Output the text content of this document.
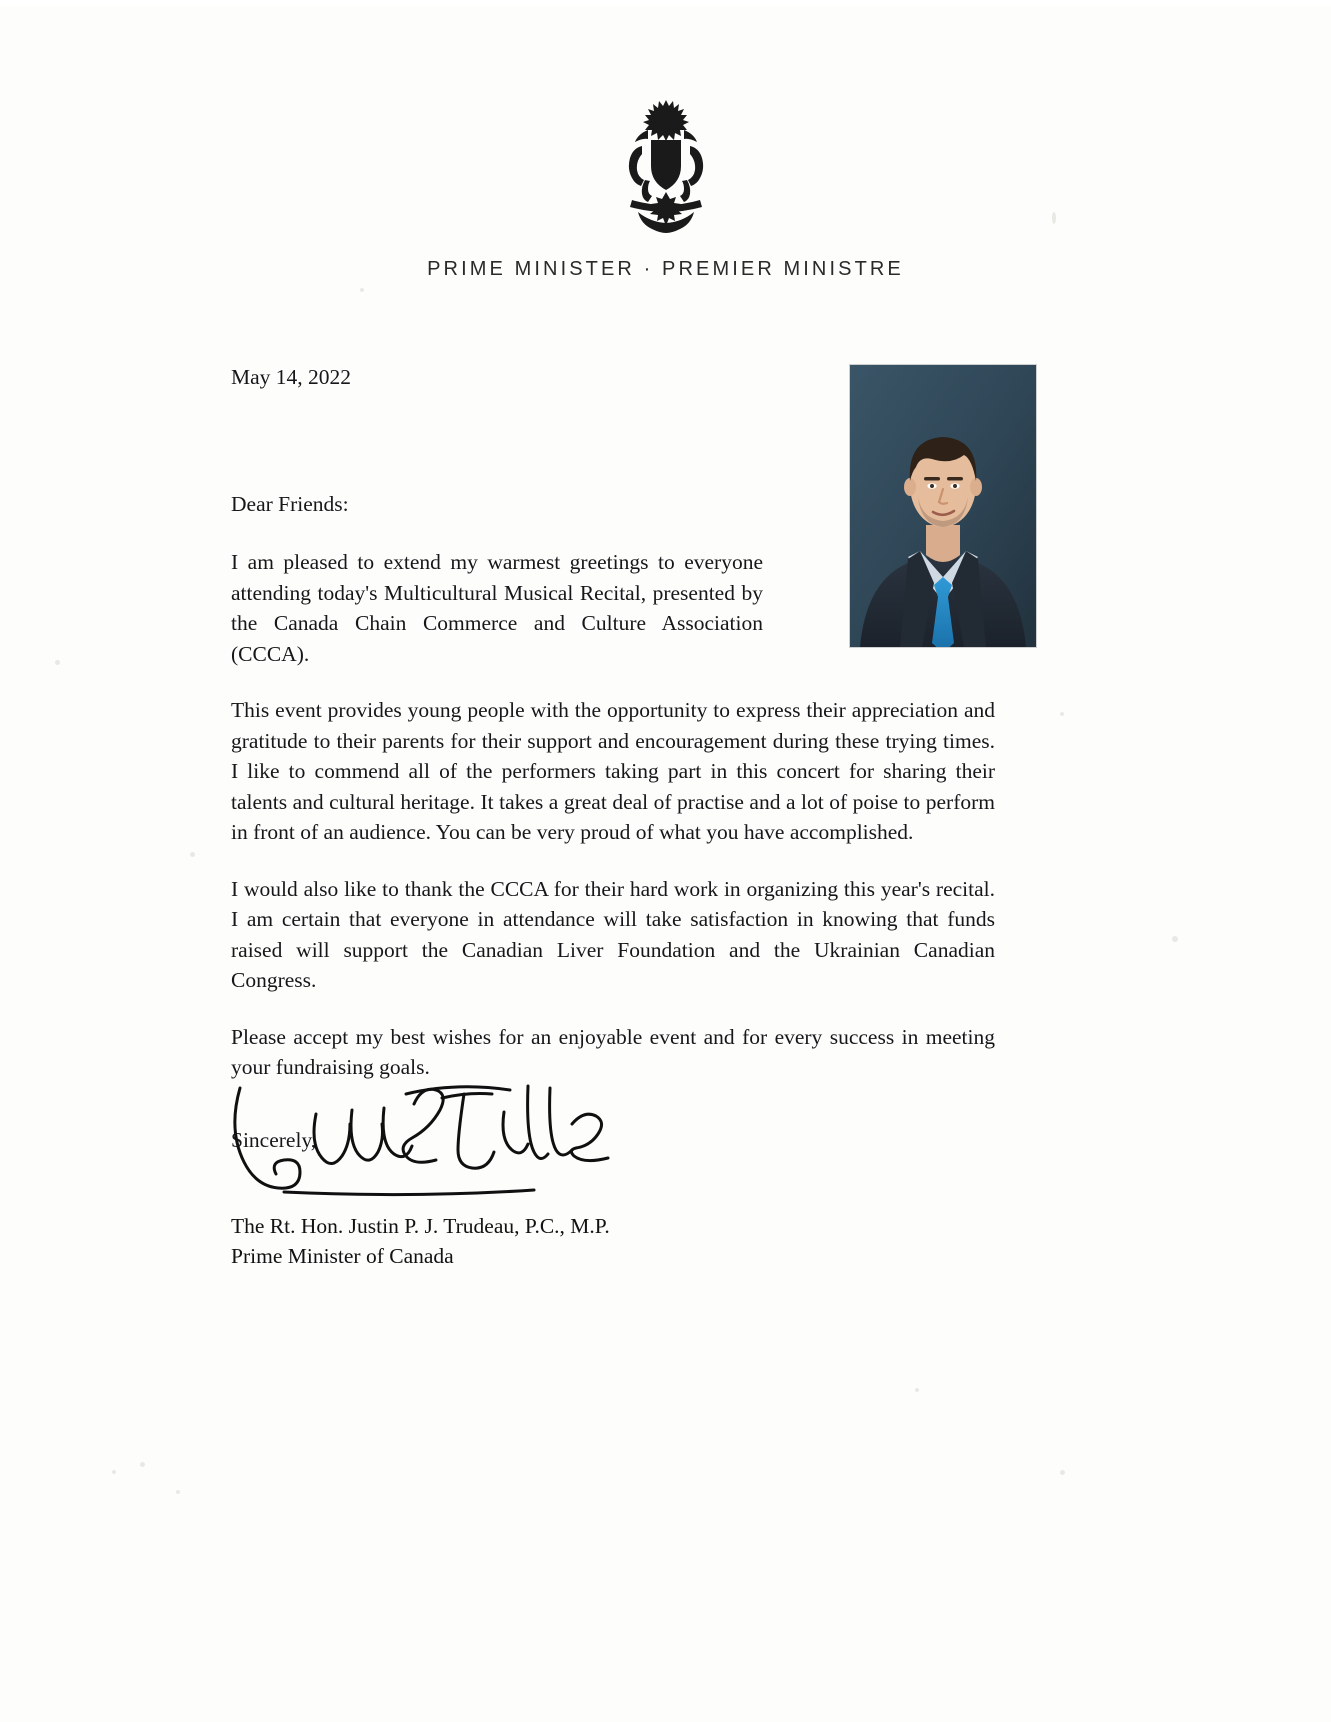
PRIME MINISTER · PREMIER MINISTRE

May 14, 2022

Dear Friends:

I am pleased to extend my warmest greetings to everyone attending today's Multicultural Musical Recital, presented by the Canada Chain Commerce and Culture Association (CCCA).

This event provides young people with the opportunity to express their appreciation and gratitude to their parents for their support and encouragement during these trying times. I like to commend all of the performers taking part in this concert for sharing their talents and cultural heritage. It takes a great deal of practise and a lot of poise to perform in front of an audience. You can be very proud of what you have accomplished.

I would also like to thank the CCCA for their hard work in organizing this year's recital. I am certain that everyone in attendance will take satisfaction in knowing that funds raised will support the Canadian Liver Foundation and the Ukrainian Canadian Congress.

Please accept my best wishes for an enjoyable event and for every success in meeting your fundraising goals.

Sincerely,

The Rt. Hon. Justin P. J. Trudeau, P.C., M.P.
Prime Minister of Canada
